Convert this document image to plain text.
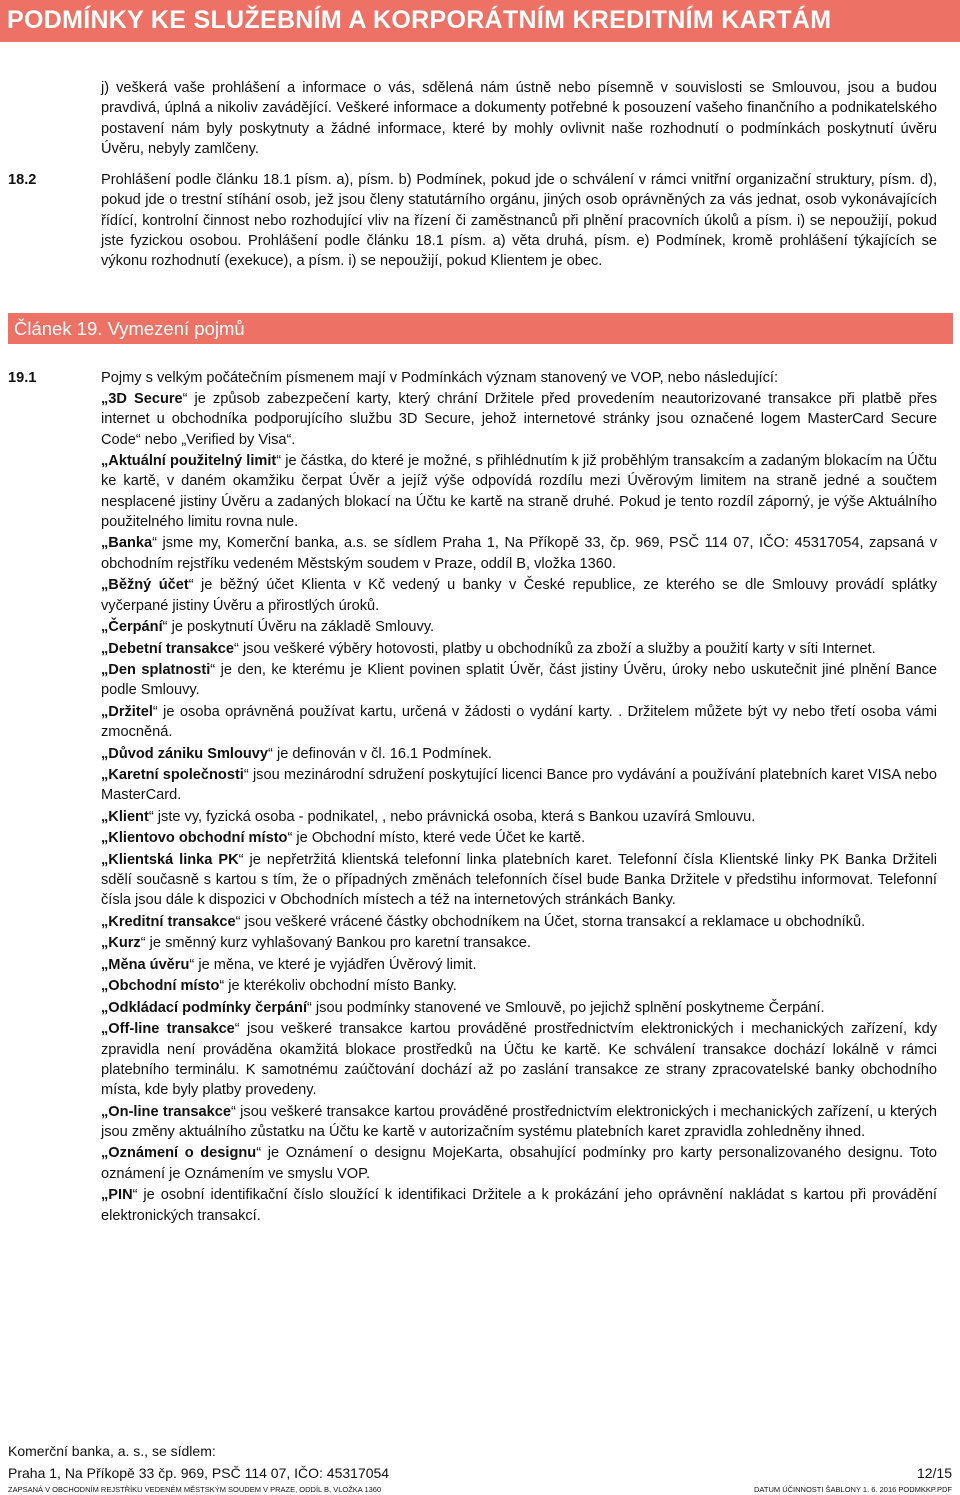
PODMÍNKY KE SLUŽEBNÍM A KORPORÁTNÍM KREDITNÍM KARTÁM
j) veškerá vaše prohlášení a informace o vás, sdělená nám ústně nebo písemně v souvislosti se Smlouvou, jsou a budou pravdivá, úplná a nikoliv zavádějící. Veškeré informace a dokumenty potřebné k posouzení vašeho finančního a podnikatelského postavení nám byly poskytnuty a žádné informace, které by mohly ovlivnit naše rozhodnutí o podmínkách poskytnutí úvěru Úvěru, nebyly zamlčeny.
18.2	Prohlášení podle článku 18.1 písm. a), písm. b) Podmínek, pokud jde o schválení v rámci vnitřní organizační struktury, písm. d), pokud jde o trestní stíhání osob, jež jsou členy statutárního orgánu, jiných osob oprávněných za vás jednat, osob vykonávajících řídící, kontrolní činnost nebo rozhodující vliv na řízení či zaměstnanců při plnění pracovních úkolů a písm. i) se nepoužijí, pokud jste fyzickou osobou. Prohlášení podle článku 18.1 písm. a) věta druhá, písm. e) Podmínek, kromě prohlášení týkajících se výkonu rozhodnutí (exekuce), a písm. i) se nepoužijí, pokud Klientem je obec.
Článek 19. Vymezení pojmů
19.1	Pojmy s velkým počátečním písmenem mají v Podmínkách význam stanovený ve VOP, nebo následující:
„3D Secure“ je způsob zabezpečení karty, který chrání Držitele před provedením neautorizované transakce při platbě přes internet u obchodníka podporujícího službu 3D Secure, jehož internetové stránky jsou označené logem MasterCard Secure Code“ nebo „Verified by Visa“.
„Aktuální použitelný limit“ je částka, do které je možné, s přihlédnutím k již proběhlým transakcím a zadaným blokacím na Účtu ke kartě, v daném okamžiku čerpat Úvěr a jejíž výše odpovídá rozdílu mezi Úvěrovým limitem na straně jedné a součtem nesplacené jistiny Úvěru a zadaných blokací na Účtu ke kartě na straně druhé. Pokud je tento rozdíl záporný, je výše Aktuálního použitelného limitu rovna nule.
„Banka“ jsme my, Komerční banka, a.s. se sídlem Praha 1, Na Příkopě 33, čp. 969, PSČ 114 07, IČO: 45317054, zapsaná v obchodním rejstříku vedeném Městským soudem v Praze, oddíl B, vložka 1360.
„Běžný účet“ je běžný účet Klienta v Kč vedený u banky v České republice, ze kterého se dle Smlouvy provádí splátky vyčerpané jistiny Úvěru a přirostlých úroků.
„Čerpání“ je poskytnutí Úvěru na základě Smlouvy.
„Debetní transakce“ jsou veškeré výběry hotovosti, platby u obchodníků za zboží a služby a použití karty v síti Internet.
„Den splatnosti“ je den, ke kterému je Klient povinen splatit Úvěr, část jistiny Úvěru, úroky nebo uskutečnit jiné plnění Bance podle Smlouvy.
„Držitel“ je osoba oprávněná používat kartu, určená v žádosti o vydání karty. . Držitelem můžete být vy nebo třetí osoba vámi zmocněná.
„Důvod zániku Smlouvy“ je definován v čl. 16.1 Podmínek.
„Karetní společnosti“ jsou mezinárodní sdružení poskytující licenci Bance pro vydávání a používání platebních karet VISA nebo MasterCard.
„Klient“ jste vy, fyzická osoba - podnikatel, , nebo právnická osoba, která s Bankou uzavírá Smlouvu.
„Klientovo obchodní místo“ je Obchodní místo, které vede Účet ke kartě.
„Klientská linka PK“ je nepřetržitá klientská telefonní linka platebních karet. Telefonní čísla Klientské linky PK Banka Držiteli sdělí současně s kartou s tím, že o případných změnách telefonních čísel bude Banka Držitele v předstihu informovat. Telefonní čísla jsou dále k dispozici v Obchodních místech a též na internetových stránkách Banky.
„Kreditní transakce“ jsou veškeré vrácené částky obchodníkem na Účet, storna transakcí a reklamace u obchodníků.
„Kurz“ je směnný kurz vyhlašovaný Bankou pro karetní transakce.
„Měna úvěru“ je měna, ve které je vyjádřen Úvěrový limit.
„Obchodní místo“ je kterékoliv obchodní místo Banky.
„Odkládací podmínky čerpání“ jsou podmínky stanovené ve Smlouvě, po jejichž splnění poskytneme Čerpání.
„Off-line transakce“ jsou veškeré transakce kartou prováděné prostřednictvím elektronických i mechanických zařízení, kdy zpravidla není prováděna okamžitá blokace prostředků na Účtu ke kartě. Ke schválení transakce dochází lokálně v rámci platebního terminálu. K samotnému zaúčtování dochází až po zaslání transakce ze strany zpracovatelské banky obchodního místa, kde byly platby provedeny.
„On-line transakce“ jsou veškeré transakce kartou prováděné prostřednictvím elektronických i mechanických zařízení, u kterých jsou změny aktuálního zůstatku na Účtu ke kartě v autorizačním systému platebních karet zpravidla zohledněny ihned.
„Oznámení o designu“ je Oznámení o designu MojeKarta, obsahující podmínky pro karty personalizovaného designu. Toto oznámení je Oznámením ve smyslu VOP.
„PIN“ je osobní identifikační číslo sloužící k identifikaci Držitele a k prokázání jeho oprávnění nakládat s kartou při provádění elektronických transakcí.
Komerční banka, a. s., se sídlem:
Praha 1, Na Příkopě 33 čp. 969, PSČ 114 07, IČO: 45317054	12/15
ZAPSANÁ V OBCHODNÍM REJSTŘÍKU VEDENÉM MĚSTSKÝM SOUDEM V PRAZE, ODDÍL B, VLOŽKA 1360	DATUM ÚČINNOSTI ŠABLONY 1. 6. 2016 PODMKKP.PDF
